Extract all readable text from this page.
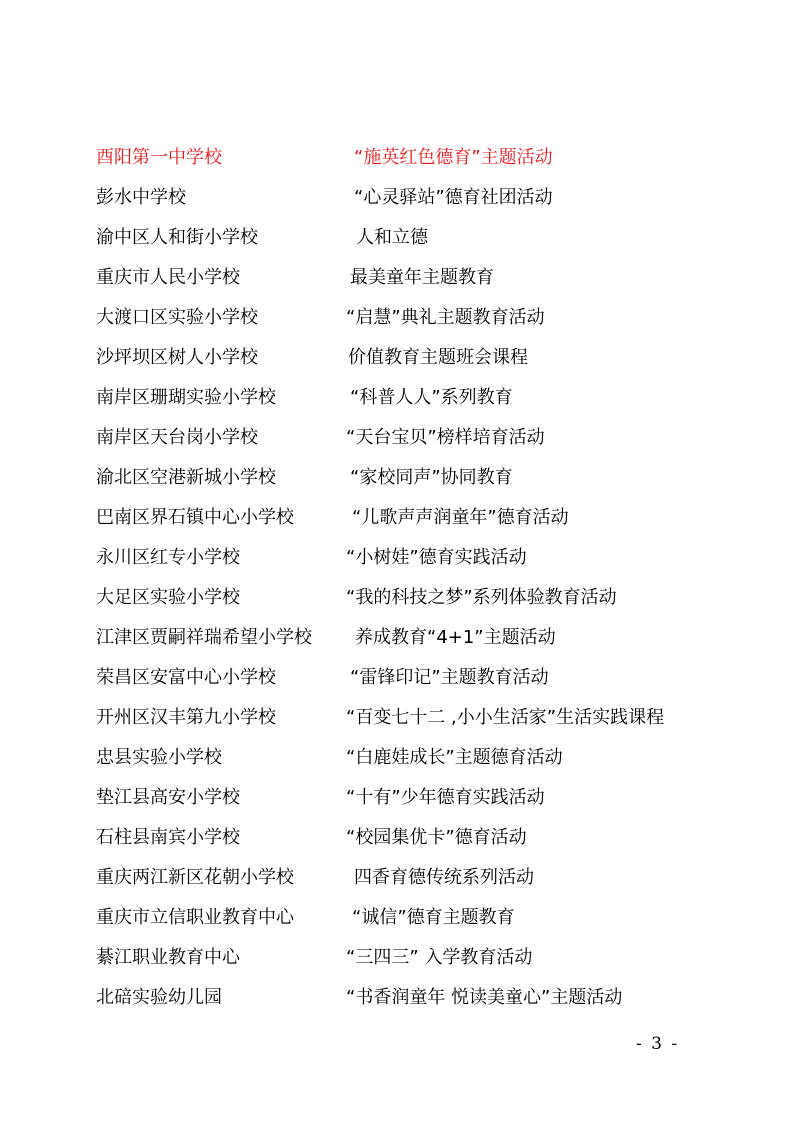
酉阳第一中学校	“施英红色德育”主题活动
彭水中学校	“心灵驿站”德育社团活动
渝中区人和街小学校	人和立德
重庆市人民小学校	最美童年主题教育
大渡口区实验小学校	“启慧”典礼主题教育活动
沙坪坝区树人小学校	价值教育主题班会课程
南岸区珊瑚实验小学校	“科普人人”系列教育
南岸区天台岗小学校	“天台宝贝”榜样培育活动
渝北区空港新城小学校	“家校同声”协同教育
巴南区界石镇中心小学校	“儿歌声声润童年”德育活动
永川区红专小学校	“小树娃”德育实践活动
大足区实验小学校	“我的科技之梦”系列体验教育活动
江津区贾嗣祥瑞希望小学校 养成教育“4+1”主题活动
荣昌区安富中心小学校	“雷锋印记”主题教育活动
开州区汉丰第九小学校	“百变七十二 ,小小生活家”生活实践课程
忠县实验小学校	“白鹿娃成长”主题德育活动
垫江县高安小学校	“十有”少年德育实践活动
石柱县南宾小学校	“校园集优卡”德育活动
重庆两江新区花朝小学校	四香育德传统系列活动
重庆市立信职业教育中心	“诚信”德育主题教育
綦江职业教育中心	“三四三” 入学教育活动
北碚实验幼儿园	“书香润童年 悦读美童心”主题活动
- 3 -
